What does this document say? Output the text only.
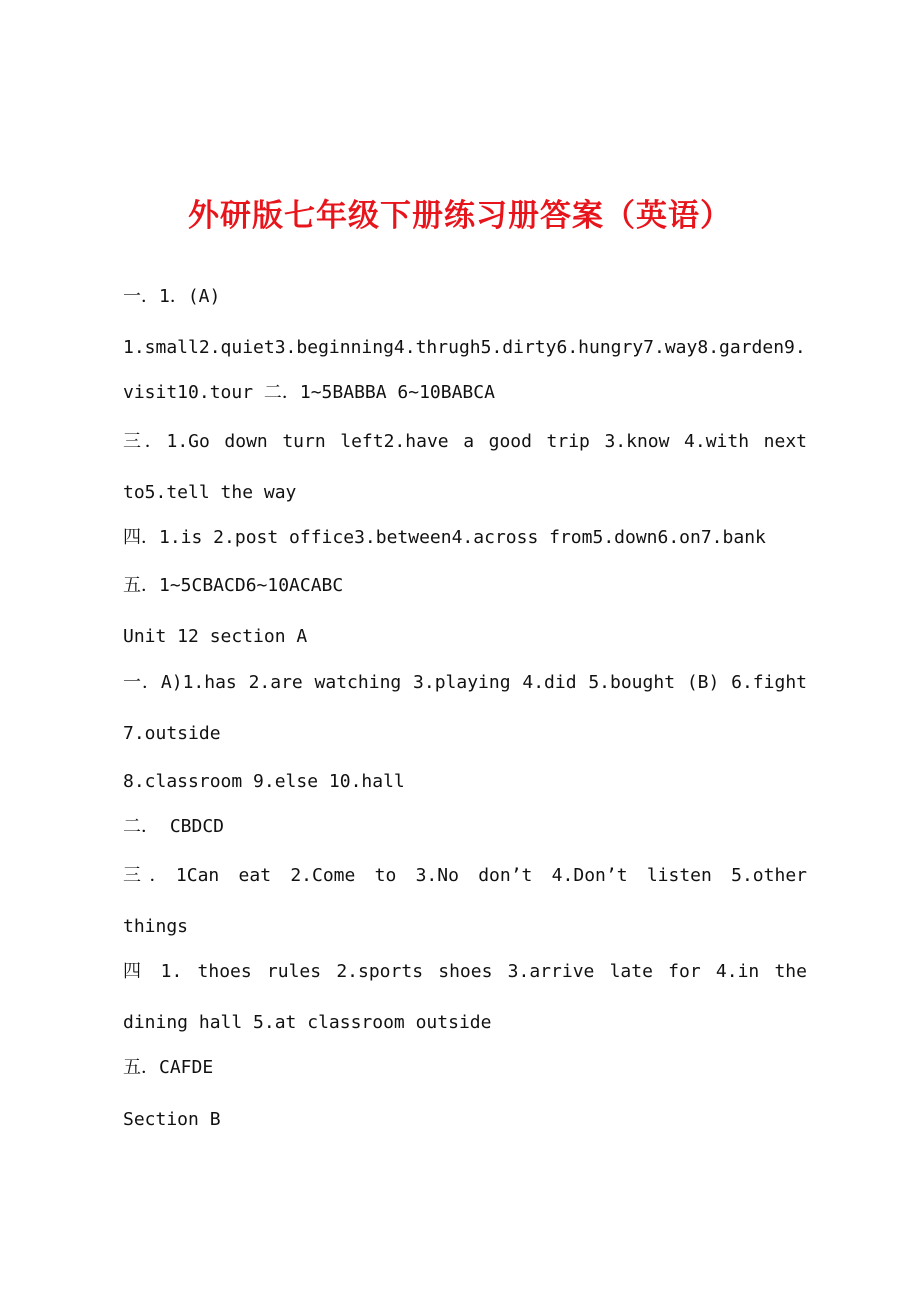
外研版七年级下册练习册答案（英语）

一．1．(A)

1.small2.quiet3.beginning4.thrugh5.dirty6.hungry7.way8.garden9.

visit10.tour 二．1~5BABBA 6~10BABCA

三．1.Go down turn left2.have a good trip 3.know 4.with next

to5.tell the way

四．1.is 2.post office3.between4.across from5.down6.on7.bank

五．1~5CBACD6~10ACABC

Unit 12 section A

一．A)1.has 2.are watching 3.playing 4.did 5.bought (B) 6.fight

7.outside

8.classroom 9.else 10.hall

二． CBDCD

三．1Can eat 2.Come to 3.No don’t 4.Don’t listen 5.other

things

四 1. thoes rules 2.sports shoes 3.arrive late for 4.in the

dining hall 5.at classroom outside

五．CAFDE

Section B
